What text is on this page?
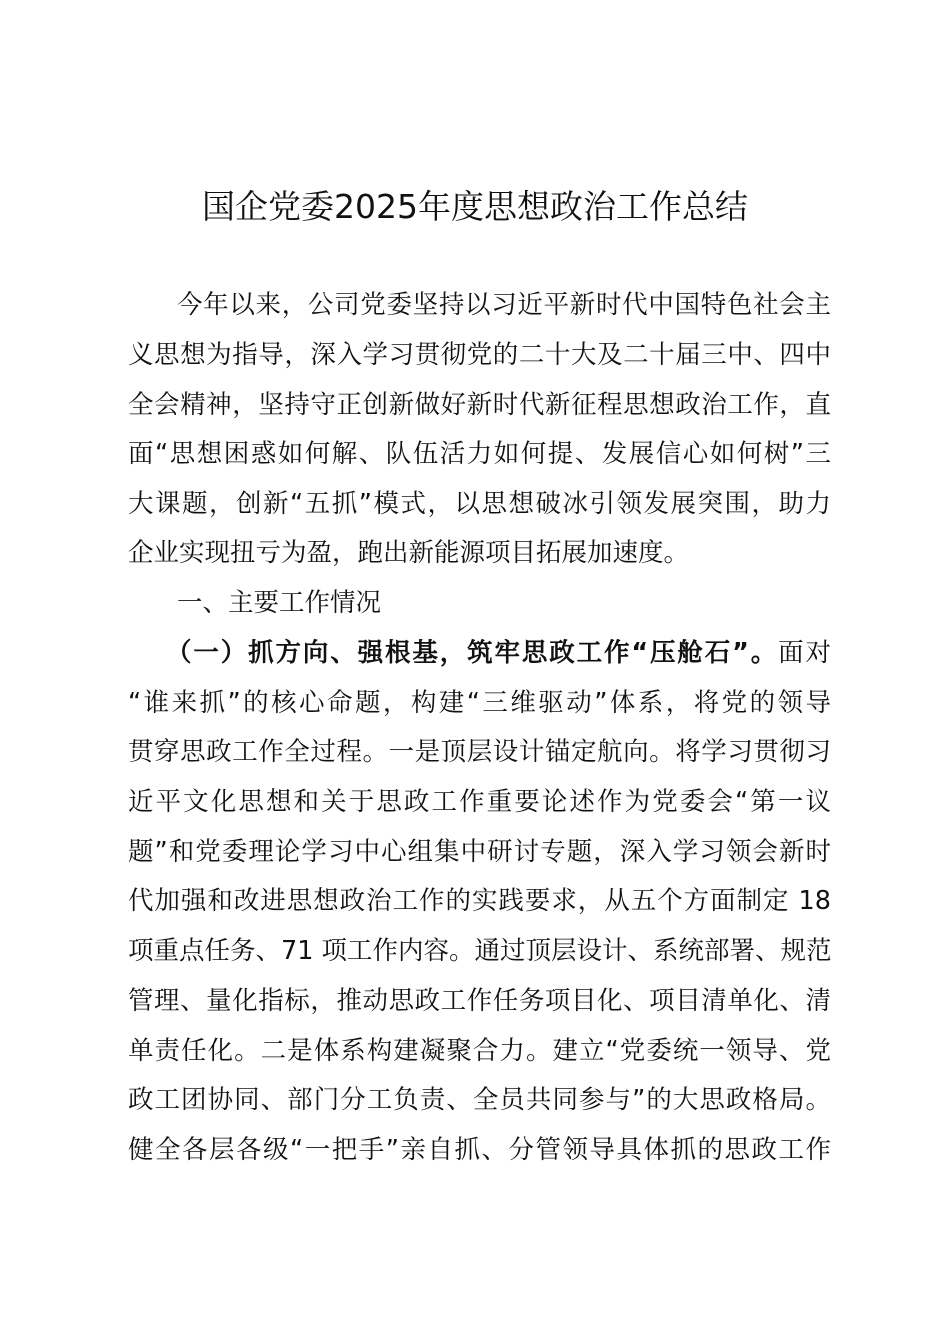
国企党委2025年度思想政治工作总结
今年以来，公司党委坚持以习近平新时代中国特色社会主
义思想为指导，深入学习贯彻党的二十大及二十届三中、四中
全会精神，坚持守正创新做好新时代新征程思想政治工作，直
面“思想困惑如何解、队伍活力如何提、发展信心如何树”三
大课题，创新“五抓”模式，以思想破冰引领发展突围，助力
企业实现扭亏为盈，跑出新能源项目拓展加速度。
一、主要工作情况
（一）抓方向、强根基，筑牢思政工作“压舱石”。面对
“谁来抓”的核心命题，构建“三维驱动”体系，将党的领导
贯穿思政工作全过程。一是顶层设计锚定航向。将学习贯彻习
近平文化思想和关于思政工作重要论述作为党委会“第一议
题”和党委理论学习中心组集中研讨专题，深入学习领会新时
代加强和改进思想政治工作的实践要求，从五个方面制定 18
项重点任务、71 项工作内容。通过顶层设计、系统部署、规范
管理、量化指标，推动思政工作任务项目化、项目清单化、清
单责任化。二是体系构建凝聚合力。建立“党委统一领导、党
政工团协同、部门分工负责、全员共同参与”的大思政格局。
健全各层各级“一把手”亲自抓、分管领导具体抓的思政工作
